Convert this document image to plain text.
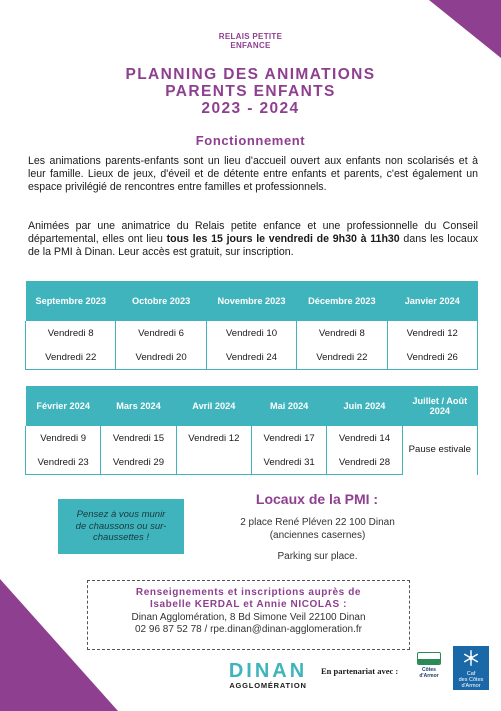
RELAIS PETITE
ENFANCE
PLANNING DES ANIMATIONS
PARENTS ENFANTS
2023 - 2024
Fonctionnement

Les animations parents-enfants sont un lieu d'accueil ouvert aux enfants non scolarisés et à leur famille. Lieux de jeux, d'éveil et de détente entre enfants et parents, c'est également un espace privilégié de rencontres entre familles et professionnels.

Animées par une animatrice du Relais petite enfance et une professionnelle du Conseil départemental, elles ont lieu tous les 15 jours le vendredi de 9h30 à 11h30 dans les locaux de la PMI à Dinan. Leur accès est gratuit, sur inscription.

Septembre 2023	Octobre 2023	Novembre 2023	Décembre 2023	Janvier 2024
Vendredi 8	Vendredi 6	Vendredi 10	Vendredi 8	Vendredi 12
Vendredi 22	Vendredi 20	Vendredi 24	Vendredi 22	Vendredi 26
Février 2024	Mars 2024	Avril 2024	Mai 2024	Juin 2024	Juillet / Août 2024
Vendredi 9	Vendredi 15	Vendredi 12	Vendredi 17	Vendredi 14	Pause estivale
Vendredi 23	Vendredi 29		Vendredi 31	Vendredi 28	
Pensez à vous munir
de chaussons ou sur-
chaussettes !
Locaux de la PMI :
2 place René Pléven 22 100 Dinan
(anciennes casernes)
Parking sur place.
Renseignements et inscriptions auprès de
Isabelle KERDAL et Annie NICOLAS :
Dinan Agglomération, 8 Bd Simone Veil 22100 Dinan
02 96 87 52 78 / rpe.dinan@dinan-agglomeration.fr
DINAN
AGGLOMÉRATION
En partenariat avec :	Côtes
d'Armor	Caf
des Côtes d'Armor
